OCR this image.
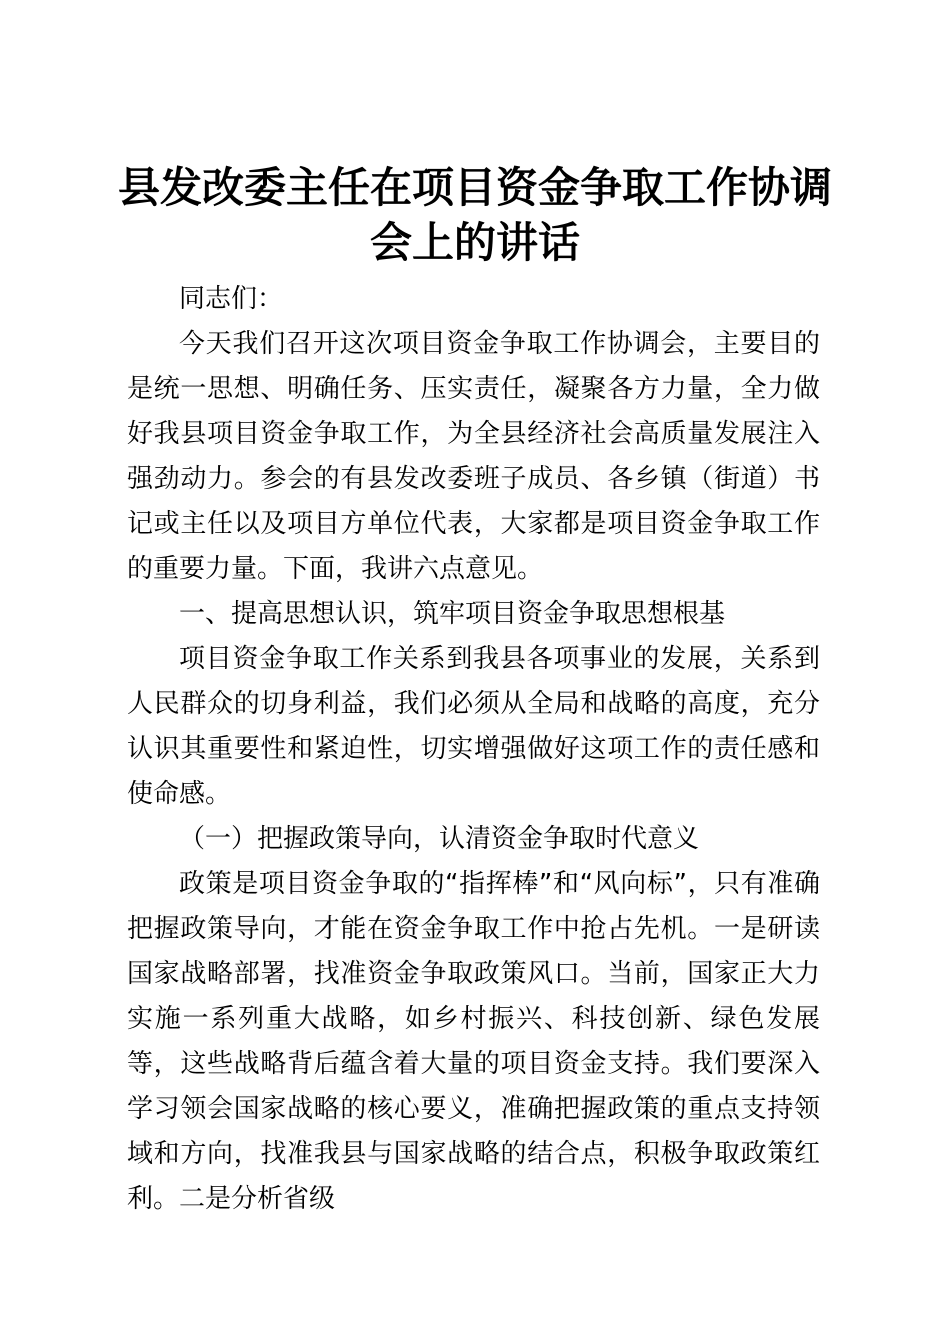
县发改委主任在项目资金争取工作协调会上的讲话

同志们：

今天我们召开这次项目资金争取工作协调会，主要目的是统一思想、明确任务、压实责任，凝聚各方力量，全力做好我县项目资金争取工作，为全县经济社会高质量发展注入强劲动力。参会的有县发改委班子成员、各乡镇（街道）书记或主任以及项目方单位代表，大家都是项目资金争取工作的重要力量。下面，我讲六点意见。

一、提高思想认识，筑牢项目资金争取思想根基

项目资金争取工作关系到我县各项事业的发展，关系到人民群众的切身利益，我们必须从全局和战略的高度，充分认识其重要性和紧迫性，切实增强做好这项工作的责任感和使命感。

（一）把握政策导向，认清资金争取时代意义

政策是项目资金争取的“指挥棒”和“风向标”，只有准确把握政策导向，才能在资金争取工作中抢占先机。一是研读国家战略部署，找准资金争取政策风口。当前，国家正大力实施一系列重大战略，如乡村振兴、科技创新、绿色发展等，这些战略背后蕴含着大量的项目资金支持。我们要深入学习领会国家战略的核心要义，准确把握政策的重点支持领域和方向，找准我县与国家战略的结合点，积极争取政策红利。二是分析省级
